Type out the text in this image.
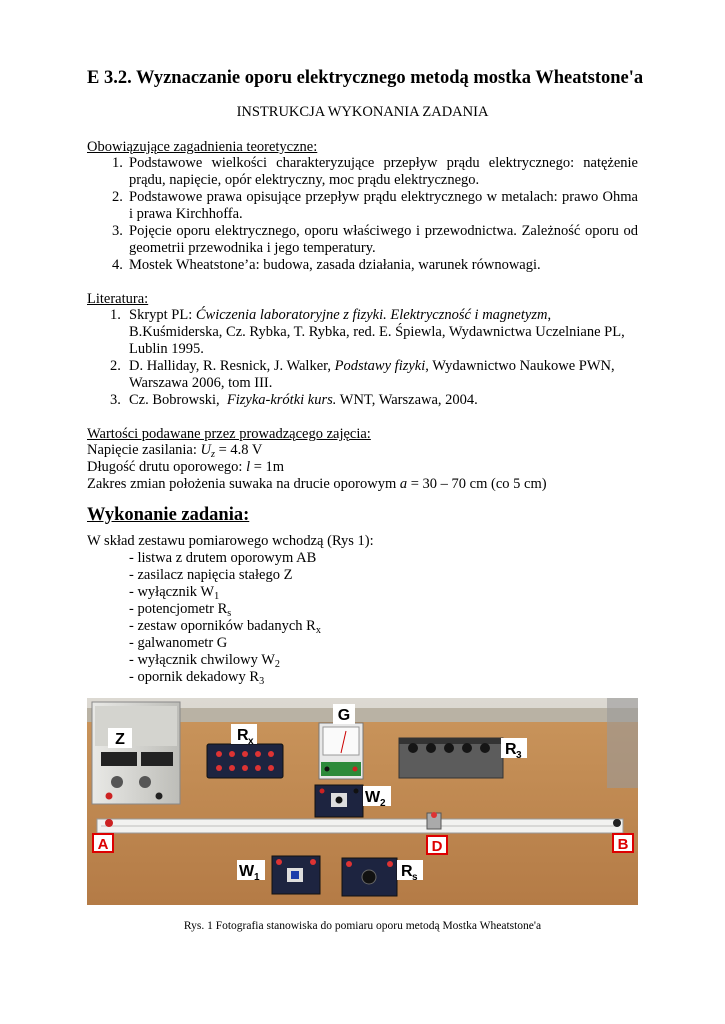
E 3.2. Wyznaczanie oporu elektrycznego metodą mostka Wheatstone'a
INSTRUKCJA WYKONANIA ZADANIA
Obowiązujące zagadnienia teoretyczne:
1. Podstawowe wielkości charakteryzujące przepływ prądu elektrycznego: natężenie prądu, napięcie, opór elektryczny, moc prądu elektrycznego.
2. Podstawowe prawa opisujące przepływ prądu elektrycznego w metalach: prawo Ohma i prawa Kirchhoffa.
3. Pojęcie oporu elektrycznego, oporu właściwego i przewodnictwa. Zależność oporu od geometrii przewodnika i jego temperatury.
4. Mostek Wheatstone’a: budowa, zasada działania, warunek równowagi.
Literatura:
1. Skrypt PL: Ćwiczenia laboratoryjne z fizyki. Elektryczność i magnetyzm, B.Kuśmiderska, Cz. Rybka, T. Rybka, red. E. Śpiewla, Wydawnictwa Uczelniane PL, Lublin 1995.
2. D. Halliday, R. Resnick, J. Walker, Podstawy fizyki, Wydawnictwo Naukowe PWN, Warszawa 2006, tom III.
3. Cz. Bobrowski,  Fizyka-krótki kurs. WNT, Warszawa, 2004.
Wartości podawane przez prowadzącego zajęcia:
Napięcie zasilania: $U_z = 4.8$ V
Długość drutu oporowego: l = 1m
Zakres zmian położenia suwaka na drucie oporowym a = 30 – 70 cm (co 5 cm)
Wykonanie zadania:
W skład zestawu pomiarowego wchodzą (Rys 1):
- listwa z drutem oporowym AB
- zasilacz napięcia stałego Z
- wyłącznik $W_1$
- potencjometr $R_s$
- zestaw oporników badanych $R_x$
- galwanometr G
- wyłącznik chwilowy $W_2$
- opornik dekadowy $R_3$
Z	R x
G
R 3
W 2
A	D	B
W 1	R s
Rys. 1 Fotografia stanowiska do pomiaru oporu metodą Mostka Wheatstone'a
